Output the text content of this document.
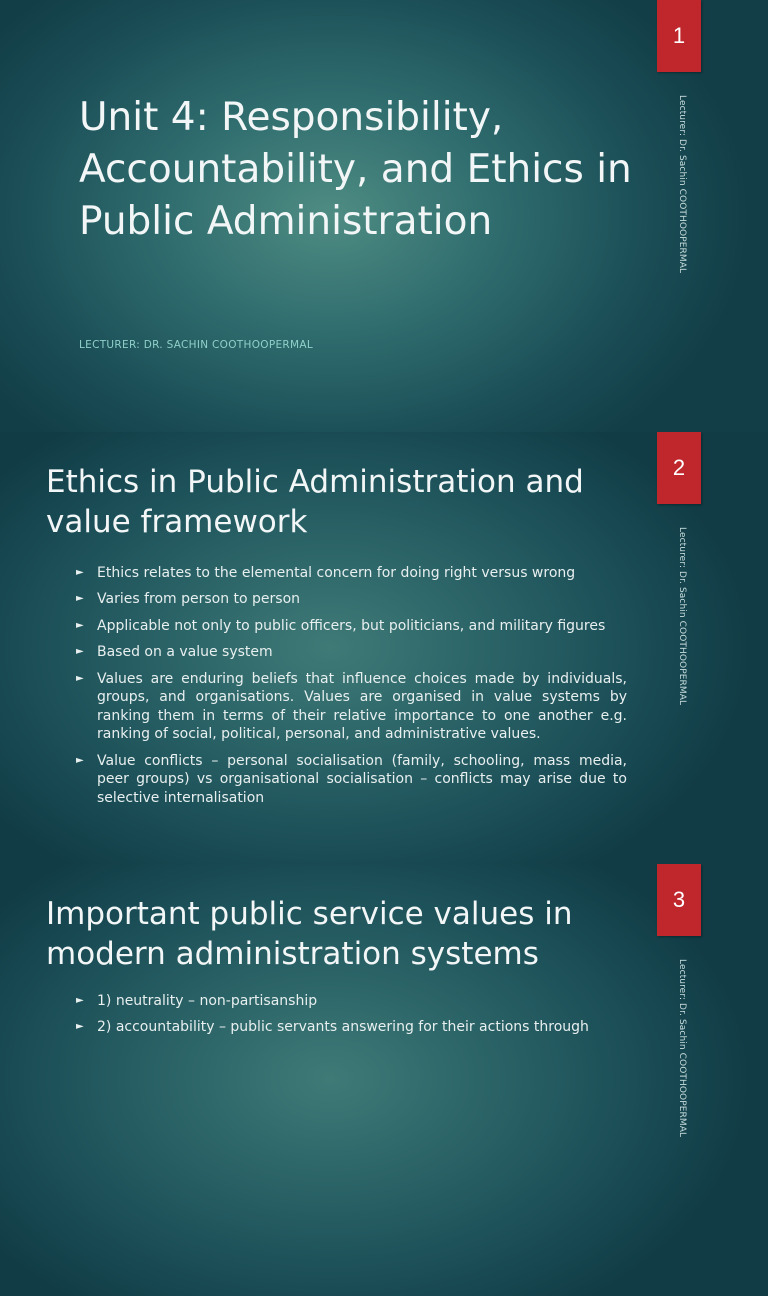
1
Lecturer: Dr. Sachin COOTHOOPERMAL
Unit 4: Responsibility, Accountability, and Ethics in Public Administration
LECTURER: DR. SACHIN COOTHOOPERMAL
2
Lecturer: Dr. Sachin COOTHOOPERMAL
Ethics in Public Administration and value framework
► Ethics relates to the elemental concern for doing right versus wrong
► Varies from person to person
► Applicable not only to public officers, but politicians, and military figures
► Based on a value system
► Values are enduring beliefs that influence choices made by individuals, groups, and organisations. Values are organised in value systems by ranking them in terms of their relative importance to one another e.g. ranking of social, political, personal, and administrative values.
► Value conflicts – personal socialisation (family, schooling, mass media, peer groups) vs organisational socialisation – conflicts may arise due to selective internalisation
3
Lecturer: Dr. Sachin COOTHOOPERMAL
Important public service values in modern administration systems
► 1) neutrality – non-partisanship
► 2) accountability – public servants answering for their actions through
